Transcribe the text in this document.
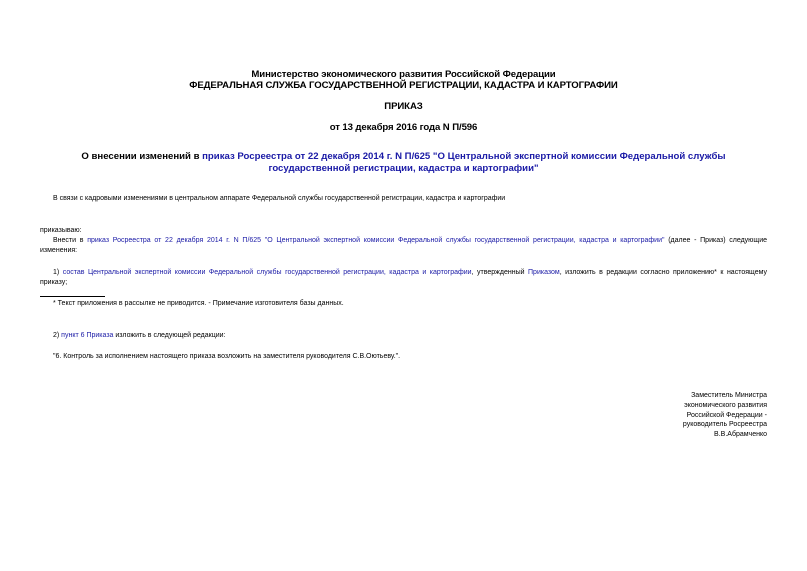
Министерство экономического развития Российской Федерации
ФЕДЕРАЛЬНАЯ СЛУЖБА ГОСУДАРСТВЕННОЙ РЕГИСТРАЦИИ, КАДАСТРА И КАРТОГРАФИИ
ПРИКАЗ
от 13 декабря 2016 года N П/596
О внесении изменений в приказ Росреестра от 22 декабря 2014 г. N П/625 "О Центральной экспертной комиссии Федеральной службы государственной регистрации, кадастра и картографии"
В связи с кадровыми изменениями в центральном аппарате Федеральной службы государственной регистрации, кадастра и картографии
приказываю:
Внести в приказ Росреестра от 22 декабря 2014 г. N П/625 "О Центральной экспертной комиссии Федеральной службы государственной регистрации, кадастра и картографии" (далее - Приказ) следующие
изменения:
1) состав Центральной экспертной комиссии Федеральной службы государственной регистрации, кадастра и картографии, утвержденный Приказом, изложить в редакции согласно приложению* к настоящему
приказу;
* Текст приложения в рассылке не приводится. - Примечание изготовителя базы данных.
2) пункт 6 Приказа изложить в следующей редакции:
"6. Контроль за исполнением настоящего приказа возложить на заместителя руководителя С.В.Оютьеву.".
Заместитель Министра
экономического развития
Российской Федерации -
руководитель Росреестра
В.В.Абрамченко
